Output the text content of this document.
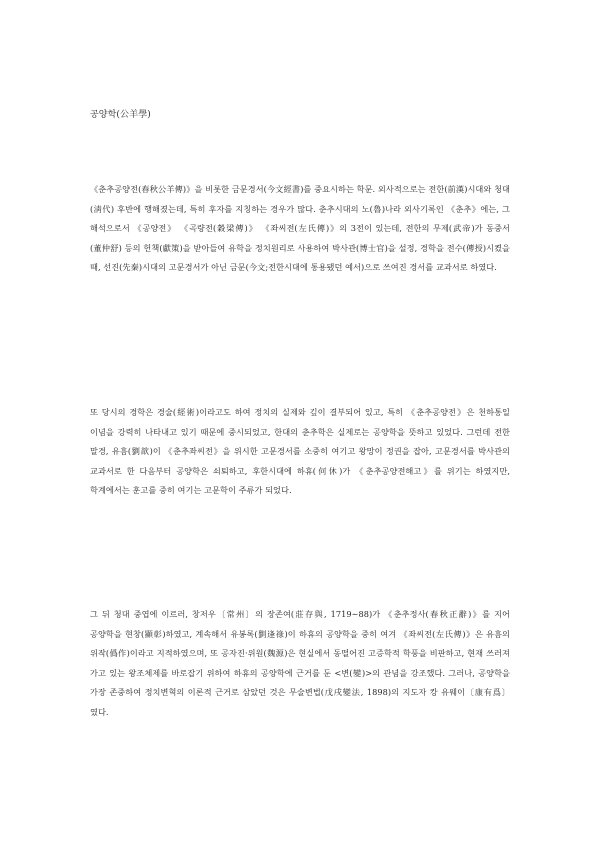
공양학(公羊學)
《춘추공양전(春秋公羊傳)》을 비롯한 금문경서(今文經書)를 중요시하는 학문. 외사적으로는 전한(前漢)시대와 청대(淸代) 후반에 행해졌는데, 특히 후자를 지칭하는 경우가 많다. 춘추시대의 노(魯)나라 외사기록인 《춘추》에는, 그 해석으로서 《공양전》 《곡량전(穀梁傳)》 《좌씨전(左氏傳)》의 3전이 있는데, 전한의 무제(武帝)가 동중서(董仲舒) 등의 헌책(獻策)을 받아들여 유학을 정치원리로 사용하여 박사관(博士官)을 설정, 경학을 전수(傳授)시켰을 때, 선진(先秦)시대의 고문경서가 아닌 금문(今文;전한시대에 통용됐던 예서)으로 쓰여진 경서를 교과서로 하였다.
또 당시의 경학은 경술(經術)이라고도 하여 정치의 실제와 깊이 결부되어 있고, 특히 《춘추공양전》은 천하통일 이념을 강력히 나타내고 있기 때문에 중시되었고, 한대의 춘추학은 실제로는 공양학을 뜻하고 있었다. 그런데 전한 말경, 유흠(劉歆)이 《춘추좌씨전》을 위시한 고문경서를 소중히 여기고 왕망이 정권을 잡아, 고문경서를 박사관의 교과서로 한 다음부터 공양학은 쇠퇴하고, 후한시대에 하휴(何休)가 《춘추공양전해고》를 위기는 하였지만, 학계에서는 훈고를 중히 여기는 고문학이 주류가 되었다.
그 뒤 청대 중엽에 이르러, 창저우〔常州〕의 장존여(莊存與, 1719∼88)가 《춘추정사(春秋正辭)》를 지어 공양학을 현창(顯彰)하였고, 계속해서 유봉록(劉逢祿)이 하휴의 공양학을 중히 여겨 《좌씨전(左氏傳)》은 유흠의 위작(僞作)이라고 지적하였으며, 또 공자진·위원(魏源)은 현실에서 동떨어진 고증학적 학풍을 비판하고, 현재 쓰러져 가고 있는 왕조체제를 바로잡기 위하여 하휴의 공양학에 근거를 둔 <변(變)>의 관념을 강조했다. 그러나, 공양학을 가장 존중하여 정치변혁의 이론적 근거로 삼았던 것은 무술변법(戊戌變法, 1898)의 지도자 캉 유웨이〔康有爲〕였다.
